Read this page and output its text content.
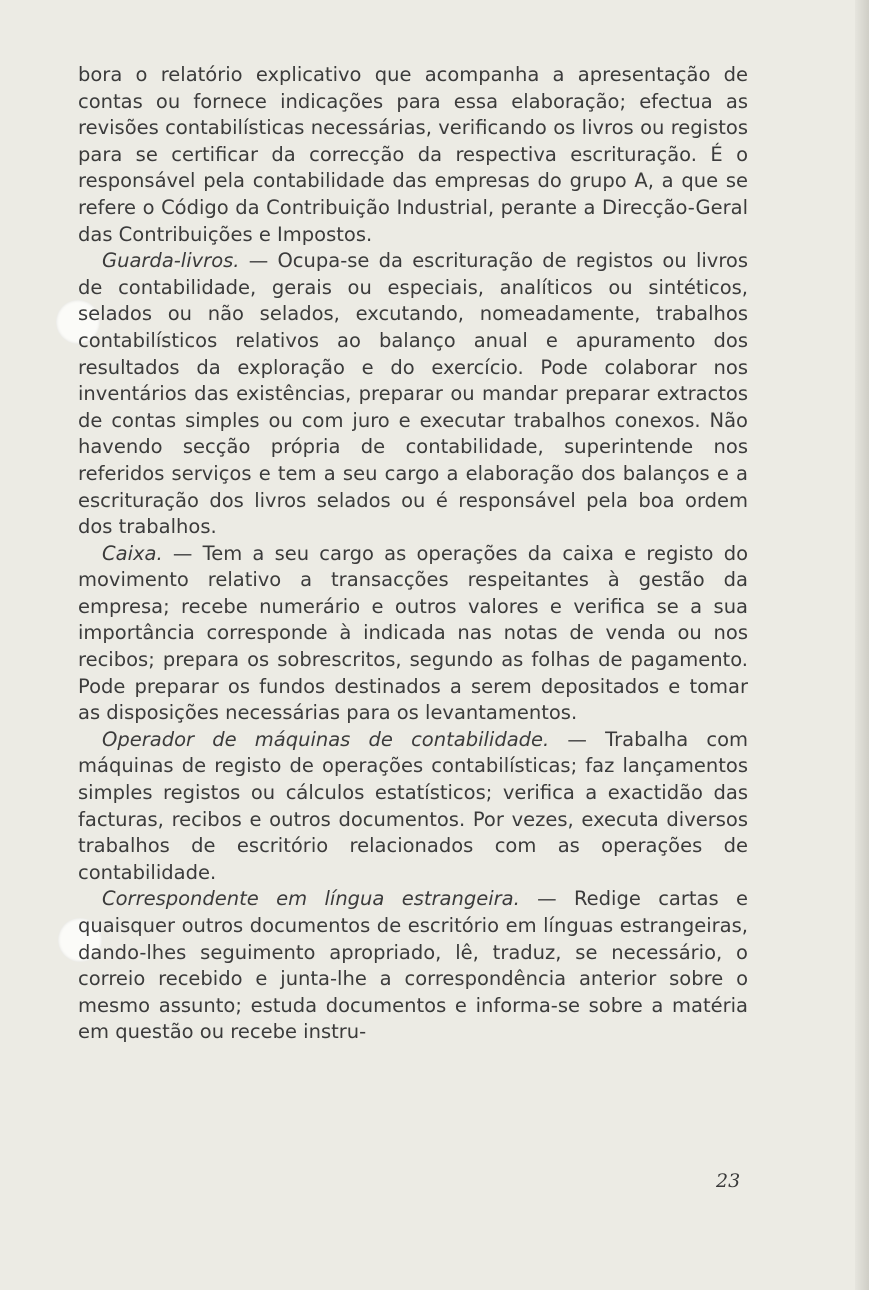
bora o relatório explicativo que acompanha a apresentação de contas ou fornece indicações para essa elaboração; efectua as revisões contabilísticas necessárias, verificando os livros ou registos para se certificar da correcção da respectiva escrituração. É o responsável pela contabilidade das empresas do grupo A, a que se refere o Código da Contribuição Industrial, perante a Direcção-Geral das Contribuições e Impostos.

Guarda-livros. — Ocupa-se da escrituração de registos ou livros de contabilidade, gerais ou especiais, analíticos ou sintéticos, selados ou não selados, excutando, nomeadamente, trabalhos contabilísticos relativos ao balanço anual e apuramento dos resultados da exploração e do exercício. Pode colaborar nos inventários das existências, preparar ou mandar preparar extractos de contas simples ou com juro e executar trabalhos conexos. Não havendo secção própria de contabilidade, superintende nos referidos serviços e tem a seu cargo a elaboração dos balanços e a escrituração dos livros selados ou é responsável pela boa ordem dos trabalhos.

Caixa. — Tem a seu cargo as operações da caixa e registo do movimento relativo a transacções respeitantes à gestão da empresa; recebe numerário e outros valores e verifica se a sua importância corresponde à indicada nas notas de venda ou nos recibos; prepara os sobrescritos, segundo as folhas de pagamento. Pode preparar os fundos destinados a serem depositados e tomar as disposições necessárias para os levantamentos.

Operador de máquinas de contabilidade. — Trabalha com máquinas de registo de operações contabilísticas; faz lançamentos simples registos ou cálculos estatísticos; verifica a exactidão das facturas, recibos e outros documentos. Por vezes, executa diversos trabalhos de escritório relacionados com as operações de contabilidade.

Correspondente em língua estrangeira. — Redige cartas e quaisquer outros documentos de escritório em línguas estrangeiras, dando-lhes seguimento apropriado, lê, traduz, se necessário, o correio recebido e junta-lhe a correspondência anterior sobre o mesmo assunto; estuda documentos e informa-se sobre a matéria em questão ou recebe instru-

23
